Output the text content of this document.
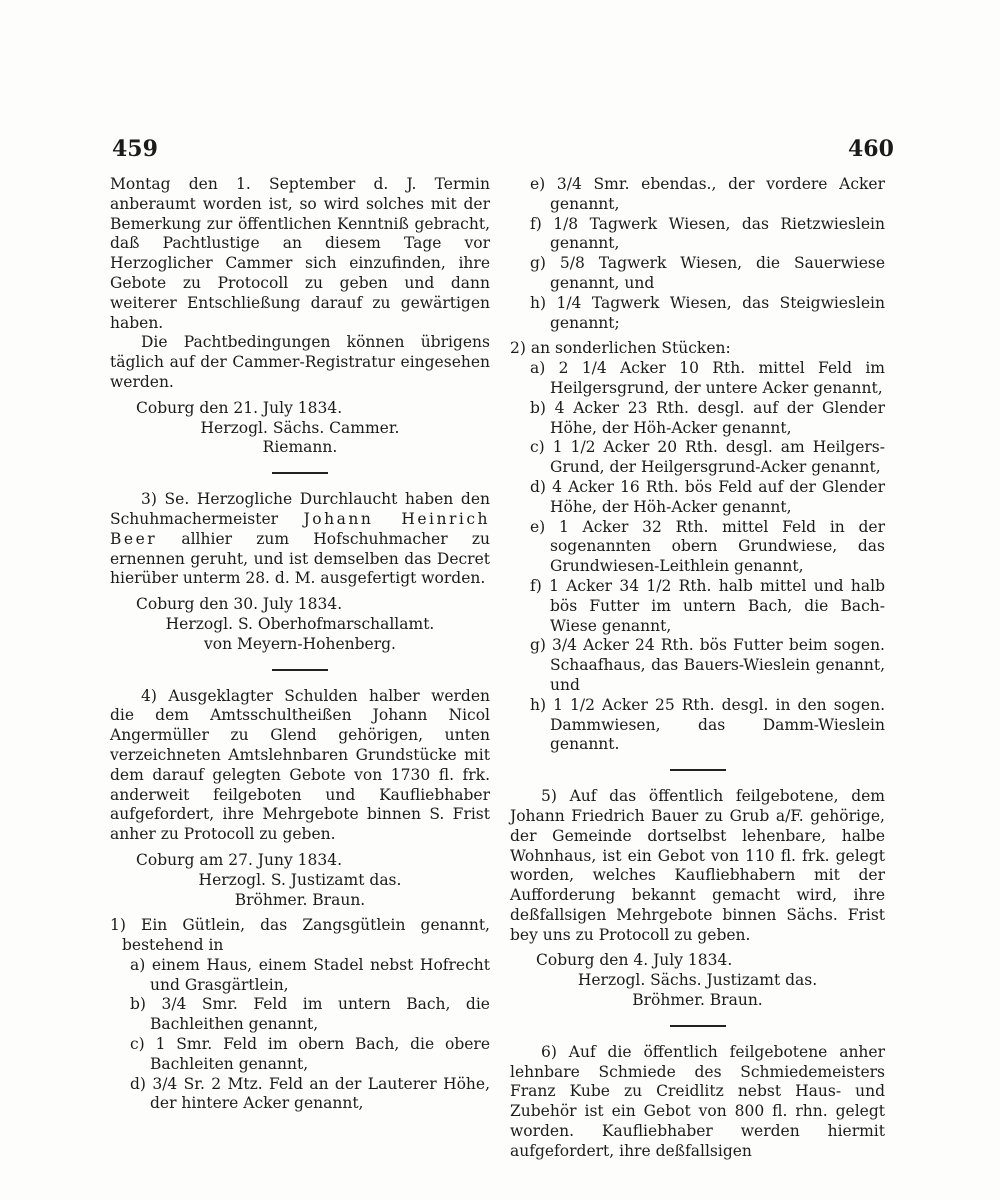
459	460

Montag den 1. September d. J. Termin anberaumt worden ist, so wird solches mit der Bemerkung zur öffentlichen Kenntniß gebracht, daß Pachtlustige an diesem Tage vor Herzoglicher Cammer sich einzufinden, ihre Gebote zu Protocoll zu geben und dann weiterer Entschließung darauf zu gewärtigen haben.

Die Pachtbedingungen können übrigens täglich auf der Cammer-Registratur eingesehen werden.

Coburg den 21. July 1834.

Herzogl. Sächs. Cammer.

Riemann.

3) Se. Herzogliche Durchlaucht haben den Schuhmachermeister Johann Heinrich Beer allhier zum Hofschuhmacher zu ernennen geruht, und ist demselben das Decret hierüber unterm 28. d. M. ausgefertigt worden.

Coburg den 30. July 1834.

Herzogl. S. Oberhofmarschallamt.

von Meyern-Hohenberg.

4) Ausgeklagter Schulden halber werden die dem Amtsschultheißen Johann Nicol Angermüller zu Glend gehörigen, unten verzeichneten Amtslehnbaren Grundstücke mit dem darauf gelegten Gebote von 1730 fl. frk. anderweit feilgeboten und Kaufliebhaber aufgefordert, ihre Mehrgebote binnen S. Frist anher zu Protocoll zu geben.

Coburg am 27. Juny 1834.

Herzogl. S. Justizamt das.

Bröhmer. Braun.

1) Ein Gütlein, das Zangsgütlein genannt, bestehend in

a) einem Haus, einem Stadel nebst Hofrecht und Grasgärtlein,

b) 3/4 Smr. Feld im untern Bach, die Bachleithen genannt,

c) 1 Smr. Feld im obern Bach, die obere Bachleiten genannt,

d) 3/4 Sr. 2 Mtz. Feld an der Lauterer Höhe, der hintere Acker genannt,

e) 3/4 Smr. ebendas., der vordere Acker genannt,

f) 1/8 Tagwerk Wiesen, das Rietzwieslein genannt,

g) 5/8 Tagwerk Wiesen, die Sauerwiese genannt, und

h) 1/4 Tagwerk Wiesen, das Steigwieslein genannt;

2) an sonderlichen Stücken:

a) 2 1/4 Acker 10 Rth. mittel Feld im Heilgersgrund, der untere Acker genannt,

b) 4 Acker 23 Rth. desgl. auf der Glender Höhe, der Höh-Acker genannt,

c) 1 1/2 Acker 20 Rth. desgl. am Heilgers-Grund, der Heilgersgrund-Acker genannt,

d) 4 Acker 16 Rth. bös Feld auf der Glender Höhe, der Höh-Acker genannt,

e) 1 Acker 32 Rth. mittel Feld in der sogenannten obern Grundwiese, das Grundwiesen-Leithlein genannt,

f) 1 Acker 34 1/2 Rth. halb mittel und halb bös Futter im untern Bach, die Bach-Wiese genannt,

g) 3/4 Acker 24 Rth. bös Futter beim sogen. Schaafhaus, das Bauers-Wieslein genannt, und

h) 1 1/2 Acker 25 Rth. desgl. in den sogen. Dammwiesen, das Damm-Wieslein genannt.

5) Auf das öffentlich feilgebotene, dem Johann Friedrich Bauer zu Grub a/F. gehörige, der Gemeinde dortselbst lehenbare, halbe Wohnhaus, ist ein Gebot von 110 fl. frk. gelegt worden, welches Kaufliebhabern mit der Aufforderung bekannt gemacht wird, ihre deßfallsigen Mehrgebote binnen Sächs. Frist bey uns zu Protocoll zu geben.

Coburg den 4. July 1834.

Herzogl. Sächs. Justizamt das.

Bröhmer. Braun.

6) Auf die öffentlich feilgebotene anher lehnbare Schmiede des Schmiedemeisters Franz Kube zu Creidlitz nebst Haus- und Zubehör ist ein Gebot von 800 fl. rhn. gelegt worden. Kaufliebhaber werden hiermit aufgefordert, ihre deßfallsigen
